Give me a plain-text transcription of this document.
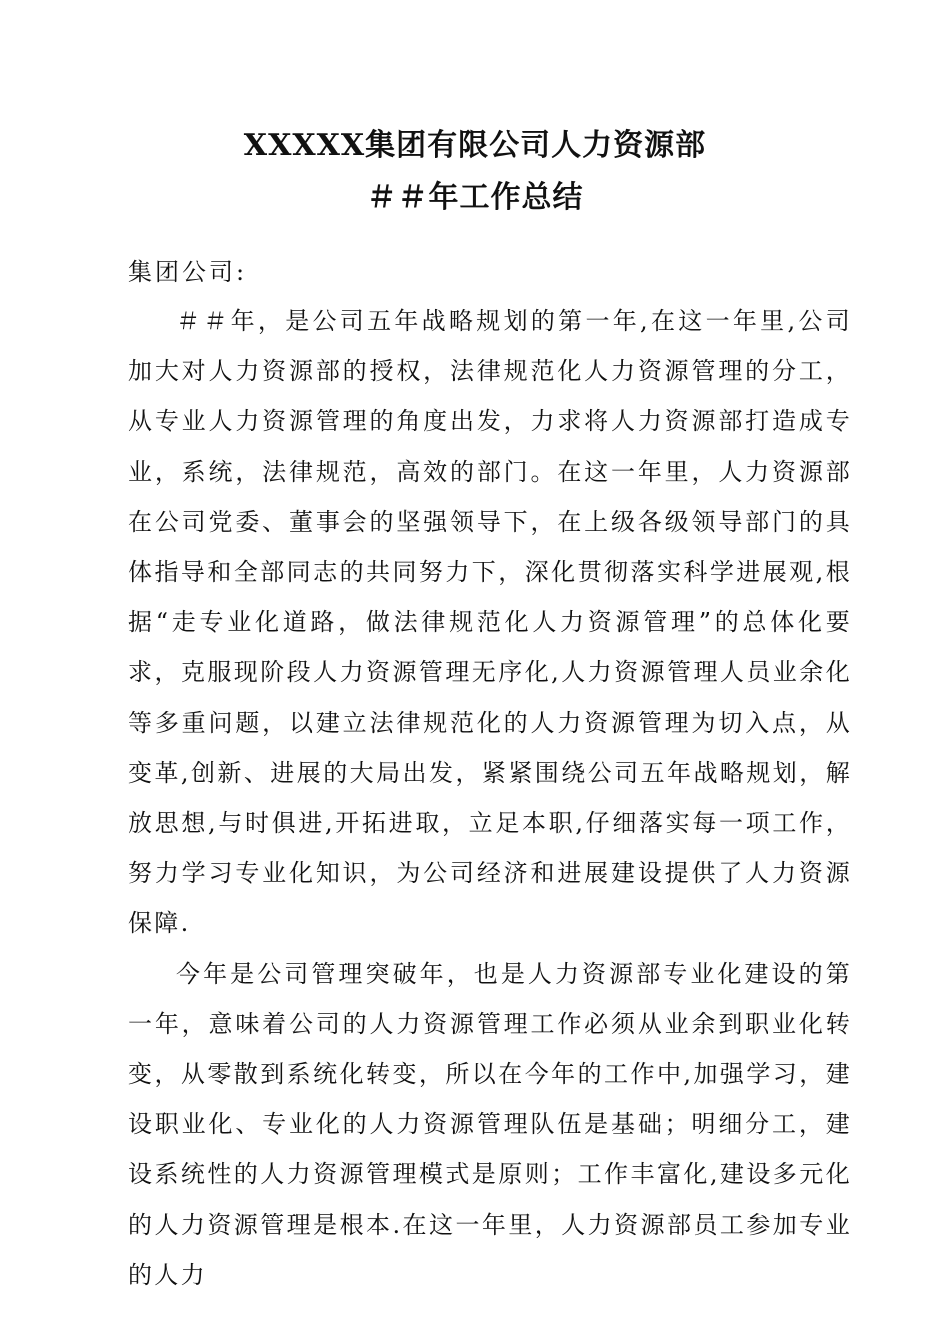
XXXXX集团有限公司人力资源部
＃＃年工作总结
集团公司:

＃＃年，是公司五年战略规划的第一年,在这一年里,公司加大对人力资源部的授权，法律规范化人力资源管理的分工，从专业人力资源管理的角度出发，力求将人力资源部打造成专业，系统，法律规范，高效的部门。在这一年里，人力资源部在公司党委、董事会的坚强领导下，在上级各级领导部门的具体指导和全部同志的共同努力下，深化贯彻落实科学进展观,根据“走专业化道路，做法律规范化人力资源管理”的总体化要求，克服现阶段人力资源管理无序化,人力资源管理人员业余化等多重问题，以建立法律规范化的人力资源管理为切入点，从变革,创新、进展的大局出发，紧紧围绕公司五年战略规划，解放思想,与时俱进,开拓进取，立足本职,仔细落实每一项工作，努力学习专业化知识，为公司经济和进展建设提供了人力资源保障.

今年是公司管理突破年，也是人力资源部专业化建设的第一年，意味着公司的人力资源管理工作必须从业余到职业化转变，从零散到系统化转变，所以在今年的工作中,加强学习，建设职业化、专业化的人力资源管理队伍是基础；明细分工，建设系统性的人力资源管理模式是原则；工作丰富化,建设多元化的人力资源管理是根本.在这一年里，人力资源部员工参加专业的人力
